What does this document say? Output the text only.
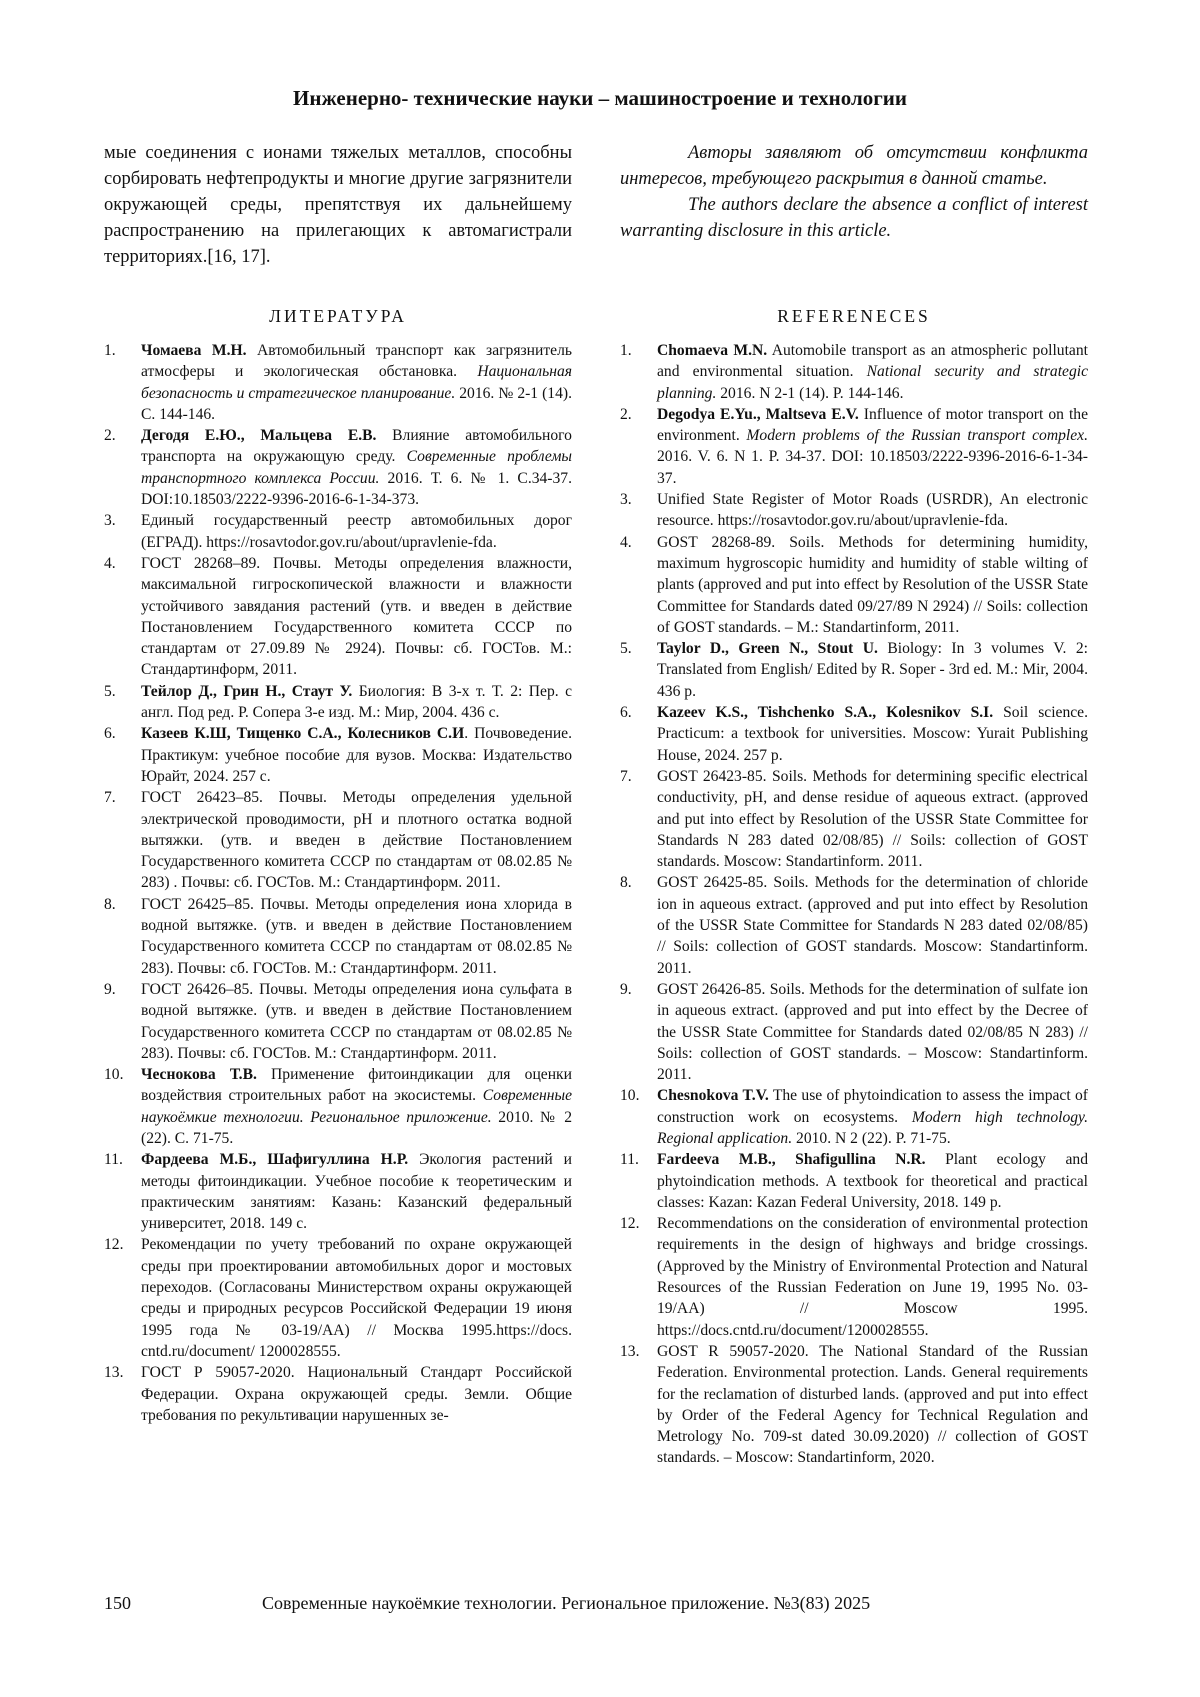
Инженерно- технические науки – машиностроение и технологии

мые соединения с ионами тяжелых металлов, способны сорбировать нефтепродукты и многие другие загрязнители окружающей среды, препятствуя их дальнейшему распространению на прилегающих к автомагистрали территориях.[16, 17].

Авторы заявляют об отсутствии конфликта интересов, требующего раскрытия в данной статье.

The authors declare the absence a conflict of interest warranting disclosure in this article.

ЛИТЕРАТУРА	REFERENECES
1.	Чомаева М.Н. Автомобильный транспорт как загрязнитель атмосферы и экологическая обстановка. Национальная безопасность и стратегическое планирование. 2016. № 2-1 (14). С. 144-146.
2.	Дегодя Е.Ю., Мальцева Е.В. Влияние автомобильного транспорта на окружающую среду. Современные проблемы транспортного комплекса России. 2016. Т. 6. № 1. С.34-37. DOI:10.18503/2222-9396-2016-6-1-34-373.
3.	Единый государственный реестр автомобильных дорог (ЕГРАД). https://rosavtodor.gov.ru/about/upravlenie-fda.
4.	ГОСТ 28268–89. Почвы. Методы определения влажности, максимальной гигроскопической влажности и влажности устойчивого завядания растений (утв. и введен в действие Постановлением Государственного комитета СССР по стандартам от 27.09.89 № 2924). Почвы: сб. ГОСТов. М.: Стандартинформ, 2011.
5.	Тейлор Д., Грин Н., Стаут У. Биология: В 3-х т. Т. 2: Пер. с англ. Под ред. Р. Сопера 3-е изд. М.: Мир, 2004. 436 с.
6.	Казеев К.Ш, Тищенко С.А., Колесников С.И. Почвоведение. Практикум: учебное пособие для вузов. Москва: Издательство Юрайт, 2024. 257 с.
7.	ГОСТ 26423–85. Почвы. Методы определения удельной электрической проводимости, pH и плотного остатка водной вытяжки. (утв. и введен в действие Постановлением Государственного комитета СССР по стандартам от 08.02.85 № 283) . Почвы: сб. ГОСТов. М.: Стандартинформ. 2011.
8.	ГОСТ 26425–85. Почвы. Методы определения иона хлорида в водной вытяжке. (утв. и введен в действие Постановлением Государственного комитета СССР по стандартам от 08.02.85 № 283). Почвы: сб. ГОСТов. М.: Стандартинформ. 2011.
9.	ГОСТ 26426–85. Почвы. Методы определения иона сульфата в водной вытяжке. (утв. и введен в действие Постановлением Государственного комитета СССР по стандартам от 08.02.85 № 283). Почвы: сб. ГОСТов. М.: Стандартинформ. 2011.
10.	Чеснокова Т.В. Применение фитоиндикации для оценки воздействия строительных работ на экосистемы. Современные наукоёмкие технологии. Региональное приложение. 2010. № 2 (22). С. 71-75.
11.	Фардеева М.Б., Шафигуллина Н.Р. Экология растений и методы фитоиндикации. Учебное пособие к теоретическим и практическим занятиям: Казань: Казанский федеральный университет, 2018. 149 с.
12.	Рекомендации по учету требований по охране окружающей среды при проектировании автомобильных дорог и мостовых переходов. (Согласованы Министерством охраны окружающей среды и природных ресурсов Российской Федерации 19 июня 1995 года № 03-19/АА) // Москва 1995.https://docs. cntd.ru/document/ 1200028555.
13.	ГОСТ Р 59057-2020. Национальный Стандарт Российской Федерации. Охрана окружающей среды. Земли. Общие требования по рекультивации нарушенных зе-
1.	Chomaeva M.N. Automobile transport as an atmospheric pollutant and environmental situation. National security and strategic planning. 2016. N 2-1 (14). P. 144-146.
2.	Degodya E.Yu., Maltseva E.V. Influence of motor transport on the environment. Modern problems of the Russian transport complex. 2016. V. 6. N 1. P. 34-37. DOI: 10.18503/2222-9396-2016-6-1-34-37.
3.	Unified State Register of Motor Roads (USRDR), An electronic resource. https://rosavtodor.gov.ru/about/upravlenie-fda.
4.	GOST 28268-89. Soils. Methods for determining humidity, maximum hygroscopic humidity and humidity of stable wilting of plants (approved and put into effect by Resolution of the USSR State Committee for Standards dated 09/27/89 N 2924) // Soils: collection of GOST standards. – M.: Standartinform, 2011.
5.	Taylor D., Green N., Stout U. Biology: In 3 volumes V. 2: Translated from English/ Edited by R. Soper - 3rd ed. M.: Mir, 2004. 436 p.
6.	Kazeev K.S., Tishchenko S.A., Kolesnikov S.I. Soil science. Practicum: a textbook for universities. Moscow: Yurait Publishing House, 2024. 257 p.
7.	GOST 26423-85. Soils. Methods for determining specific electrical conductivity, pH, and dense residue of aqueous extract. (approved and put into effect by Resolution of the USSR State Committee for Standards N 283 dated 02/08/85) // Soils: collection of GOST standards. Moscow: Standartinform. 2011.
8.	GOST 26425-85. Soils. Methods for the determination of chloride ion in aqueous extract. (approved and put into effect by Resolution of the USSR State Committee for Standards N 283 dated 02/08/85) // Soils: collection of GOST standards. Moscow: Standartinform. 2011.
9.	GOST 26426-85. Soils. Methods for the determination of sulfate ion in aqueous extract. (approved and put into effect by the Decree of the USSR State Committee for Standards dated 02/08/85 N 283) // Soils: collection of GOST standards. – Moscow: Standartinform. 2011.
10.	Chesnokova T.V. The use of phytoindication to assess the impact of construction work on ecosystems. Modern high technology. Regional application. 2010. N 2 (22). P. 71-75.
11.	Fardeeva M.B., Shafigullina N.R. Plant ecology and phytoindication methods. A textbook for theoretical and practical classes: Kazan: Kazan Federal University, 2018. 149 p.
12.	Recommendations on the consideration of environmental protection requirements in the design of highways and bridge crossings. (Approved by the Ministry of Environmental Protection and Natural Resources of the Russian Federation on June 19, 1995 No. 03-19/AA) // Moscow 1995. https://docs.cntd.ru/document/1200028555.
13.	GOST R 59057-2020. The National Standard of the Russian Federation. Environmental protection. Lands. General requirements for the reclamation of disturbed lands. (approved and put into effect by Order of the Federal Agency for Technical Regulation and Metrology No. 709-st dated 30.09.2020) // collection of GOST standards. – Moscow: Standartinform, 2020.
150	Современные наукоёмкие технологии. Региональное приложение. №3(83) 2025
